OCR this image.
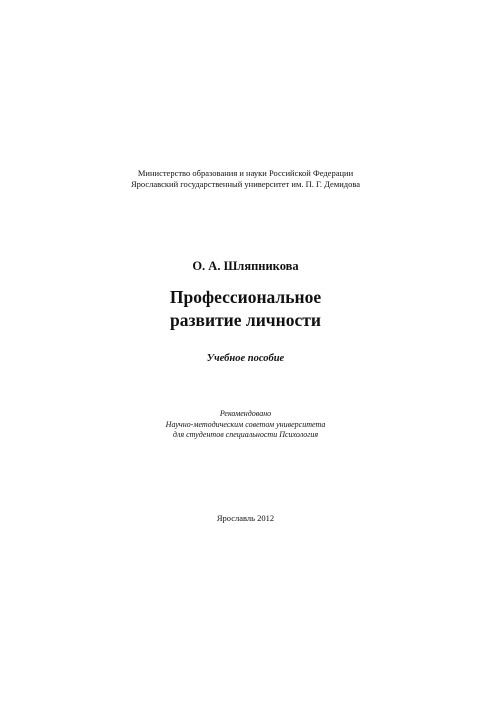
Министерство образования и науки Российской Федерации
Ярославский государственный университет им. П. Г. Демидова
О. А. Шляпникова
Профессиональное
развитие личности
Учебное пособие
Рекомендовано
Научно-методическим советом университета
для студентов специальности Психология
Ярославль 2012
